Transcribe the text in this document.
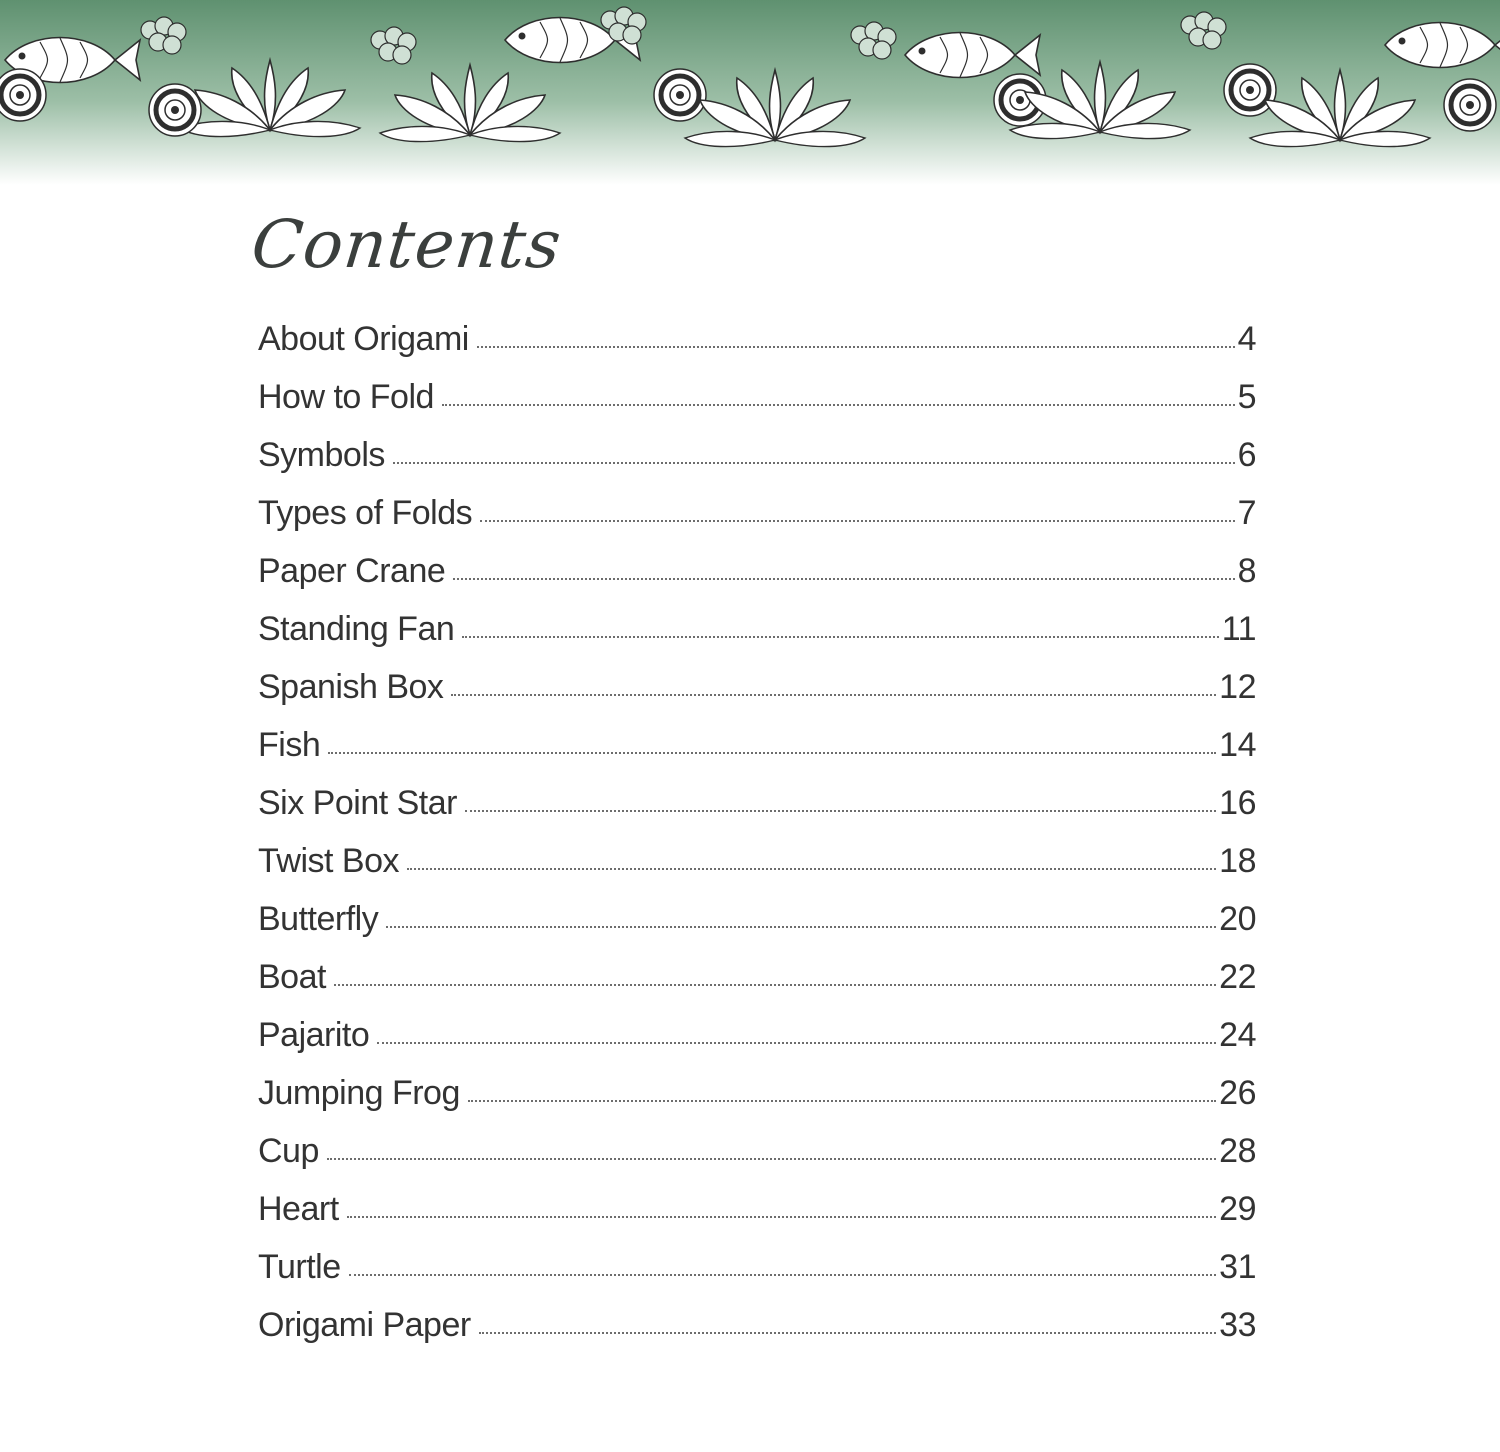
Contents
About Origami	4
How to Fold	5
Symbols	6
Types of Folds	7
Paper Crane	8
Standing Fan	11
Spanish Box	12
Fish	14
Six Point Star	16
Twist Box	18
Butterfly	20
Boat	22
Pajarito	24
Jumping Frog	26
Cup	28
Heart	29
Turtle	31
Origami Paper	33
